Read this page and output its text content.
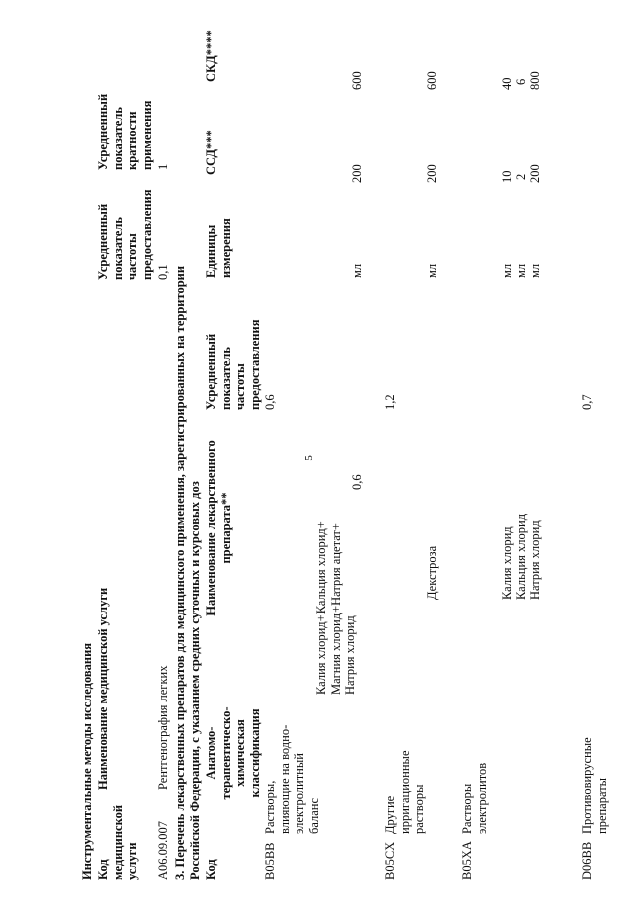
5
Инструментальные методы исследования Код
медицинской
услуги
Наименование медицинской услуги
Усредненный
показатель
частоты
предоставления
Усредненный
показатель
кратности
применения
A06.09.007
Рентгенография легких
0,1
1
3. Перечень лекарственных препаратов для медицинского применения, зарегистрированных на территории Российской Федерации, с указанием средних суточных и курсовых доз Код
Анатомо-
терапевтическо-
химическая
классификация
Наименование лекарственного
препарата**
Усредненный
показатель
частоты
предоставления
Единицы
измерения
ССД***
СКД****
B05BB
Растворы,
влияющие на водно-
электролитный
баланс
0,6
Калия хлорид+Кальция хлорид+
Магния хлорид+Натрия ацетат+
Натрия хлорид
0,6
мл
200
600
B05CX
Другие
ирригационные
растворы
1,2
Декстроза
мл
200
600
B05XA
Растворы
электролитов
Калия хлорид
мл
10
40
Кальция хлорид
мл
2
6
Натрия хлорид
мл
200
800
D06BB
Противовирусные
препараты
0,7
